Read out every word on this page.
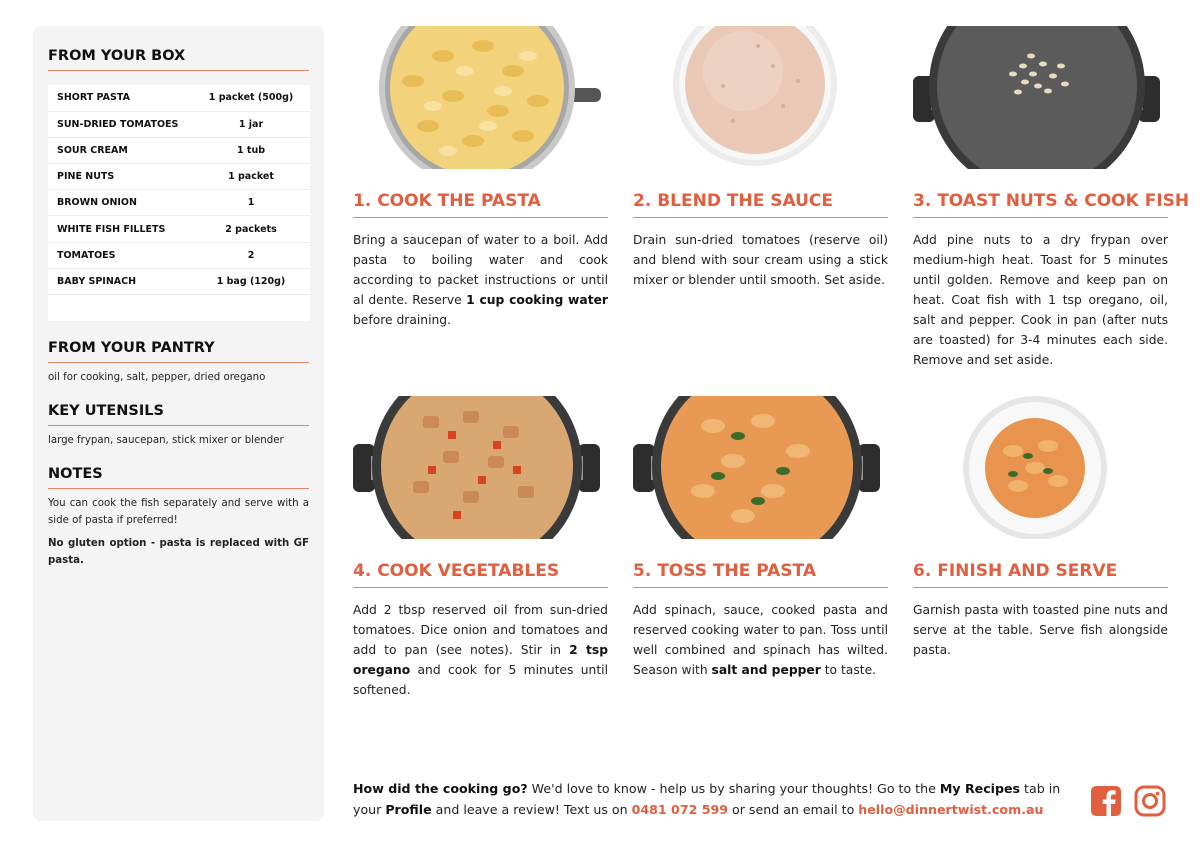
FROM YOUR BOX
SHORT PASTA	1 packet (500g)
SUN-DRIED TOMATOES	1 jar
SOUR CREAM	1 tub
PINE NUTS	1 packet
BROWN ONION	1
WHITE FISH FILLETS	2 packets
TOMATOES	2
BABY SPINACH	1 bag (120g)

FROM YOUR PANTRY
oil for cooking, salt, pepper, dried oregano
KEY UTENSILS
large frypan, saucepan, stick mixer or blender
NOTES
You can cook the fish separately and serve with a side of pasta if preferred!
No gluten option - pasta is replaced with GF pasta.
1. COOK THE PASTA
Bring a saucepan of water to a boil. Add pasta to boiling water and cook according to packet instructions or until al dente. Reserve 1 cup cooking water before draining.
2. BLEND THE SAUCE
Drain sun-dried tomatoes (reserve oil) and blend with sour cream using a stick mixer or blender until smooth. Set aside.
3. TOAST NUTS & COOK FISH
Add pine nuts to a dry frypan over medium-high heat. Toast for 5 minutes until golden. Remove and keep pan on heat. Coat fish with 1 tsp oregano, oil, salt and pepper. Cook in pan (after nuts are toasted) for 3-4 minutes each side. Remove and set aside.
4. COOK VEGETABLES
Add 2 tbsp reserved oil from sun-dried tomatoes. Dice onion and tomatoes and add to pan (see notes). Stir in 2 tsp oregano and cook for 5 minutes until softened.
5. TOSS THE PASTA
Add spinach, sauce, cooked pasta and reserved cooking water to pan. Toss until well combined and spinach has wilted. Season with salt and pepper to taste.
6. FINISH AND SERVE
Garnish pasta with toasted pine nuts and serve at the table. Serve fish alongside pasta.
How did the cooking go? We'd love to know - help us by sharing your thoughts! Go to the My Recipes tab in your Profile and leave a review! Text us on 0481 072 599 or send an email to hello@dinnertwist.com.au
